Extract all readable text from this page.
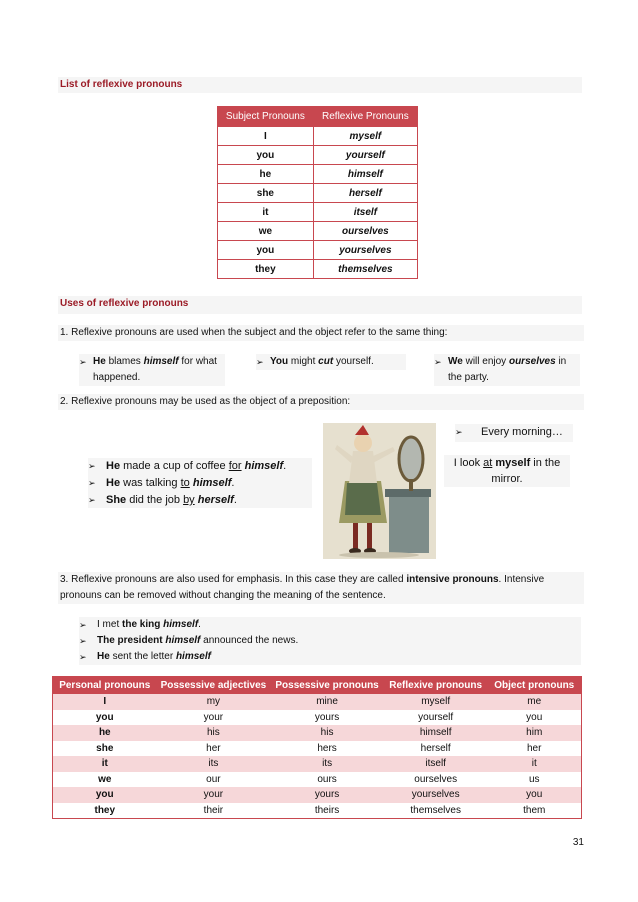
List of reflexive pronouns
Subject Pronouns	Reflexive Pronouns
I	myself
you	yourself
he	himself
she	herself
it	itself
we	ourselves
you	yourselves
they	themselves
Uses of reflexive pronouns
1. Reflexive pronouns are used when the subject and the object refer to the same thing:
➢ He blames himself for what happened.
➢ You might cut yourself.	➢ We will enjoy ourselves in the party.
2. Reflexive pronouns may be used as the object of a preposition:
➢ He made a cup of coffee for himself.
➢ He was talking to himself.
➢ She did the job by herself.
➢	Every morning…
I look at myself in the mirror.
3. Reflexive pronouns are also used for emphasis. In this case they are called intensive pronouns. Intensive pronouns can be removed without changing the meaning of the sentence.
➢	I met the king himself.
➢	The president himself announced the news.
➢	He sent the letter himself
Personal pronouns	Possessive adjectives	Possessive pronouns	Reflexive pronouns	Object pronouns
I	my	mine	myself	me
you	your	yours	yourself	you
he	his	his	himself	him
she	her	hers	herself	her
it	its	its	itself	it
we	our	ours	ourselves	us
you	your	yours	yourselves	you
they	their	theirs	themselves	them
31
